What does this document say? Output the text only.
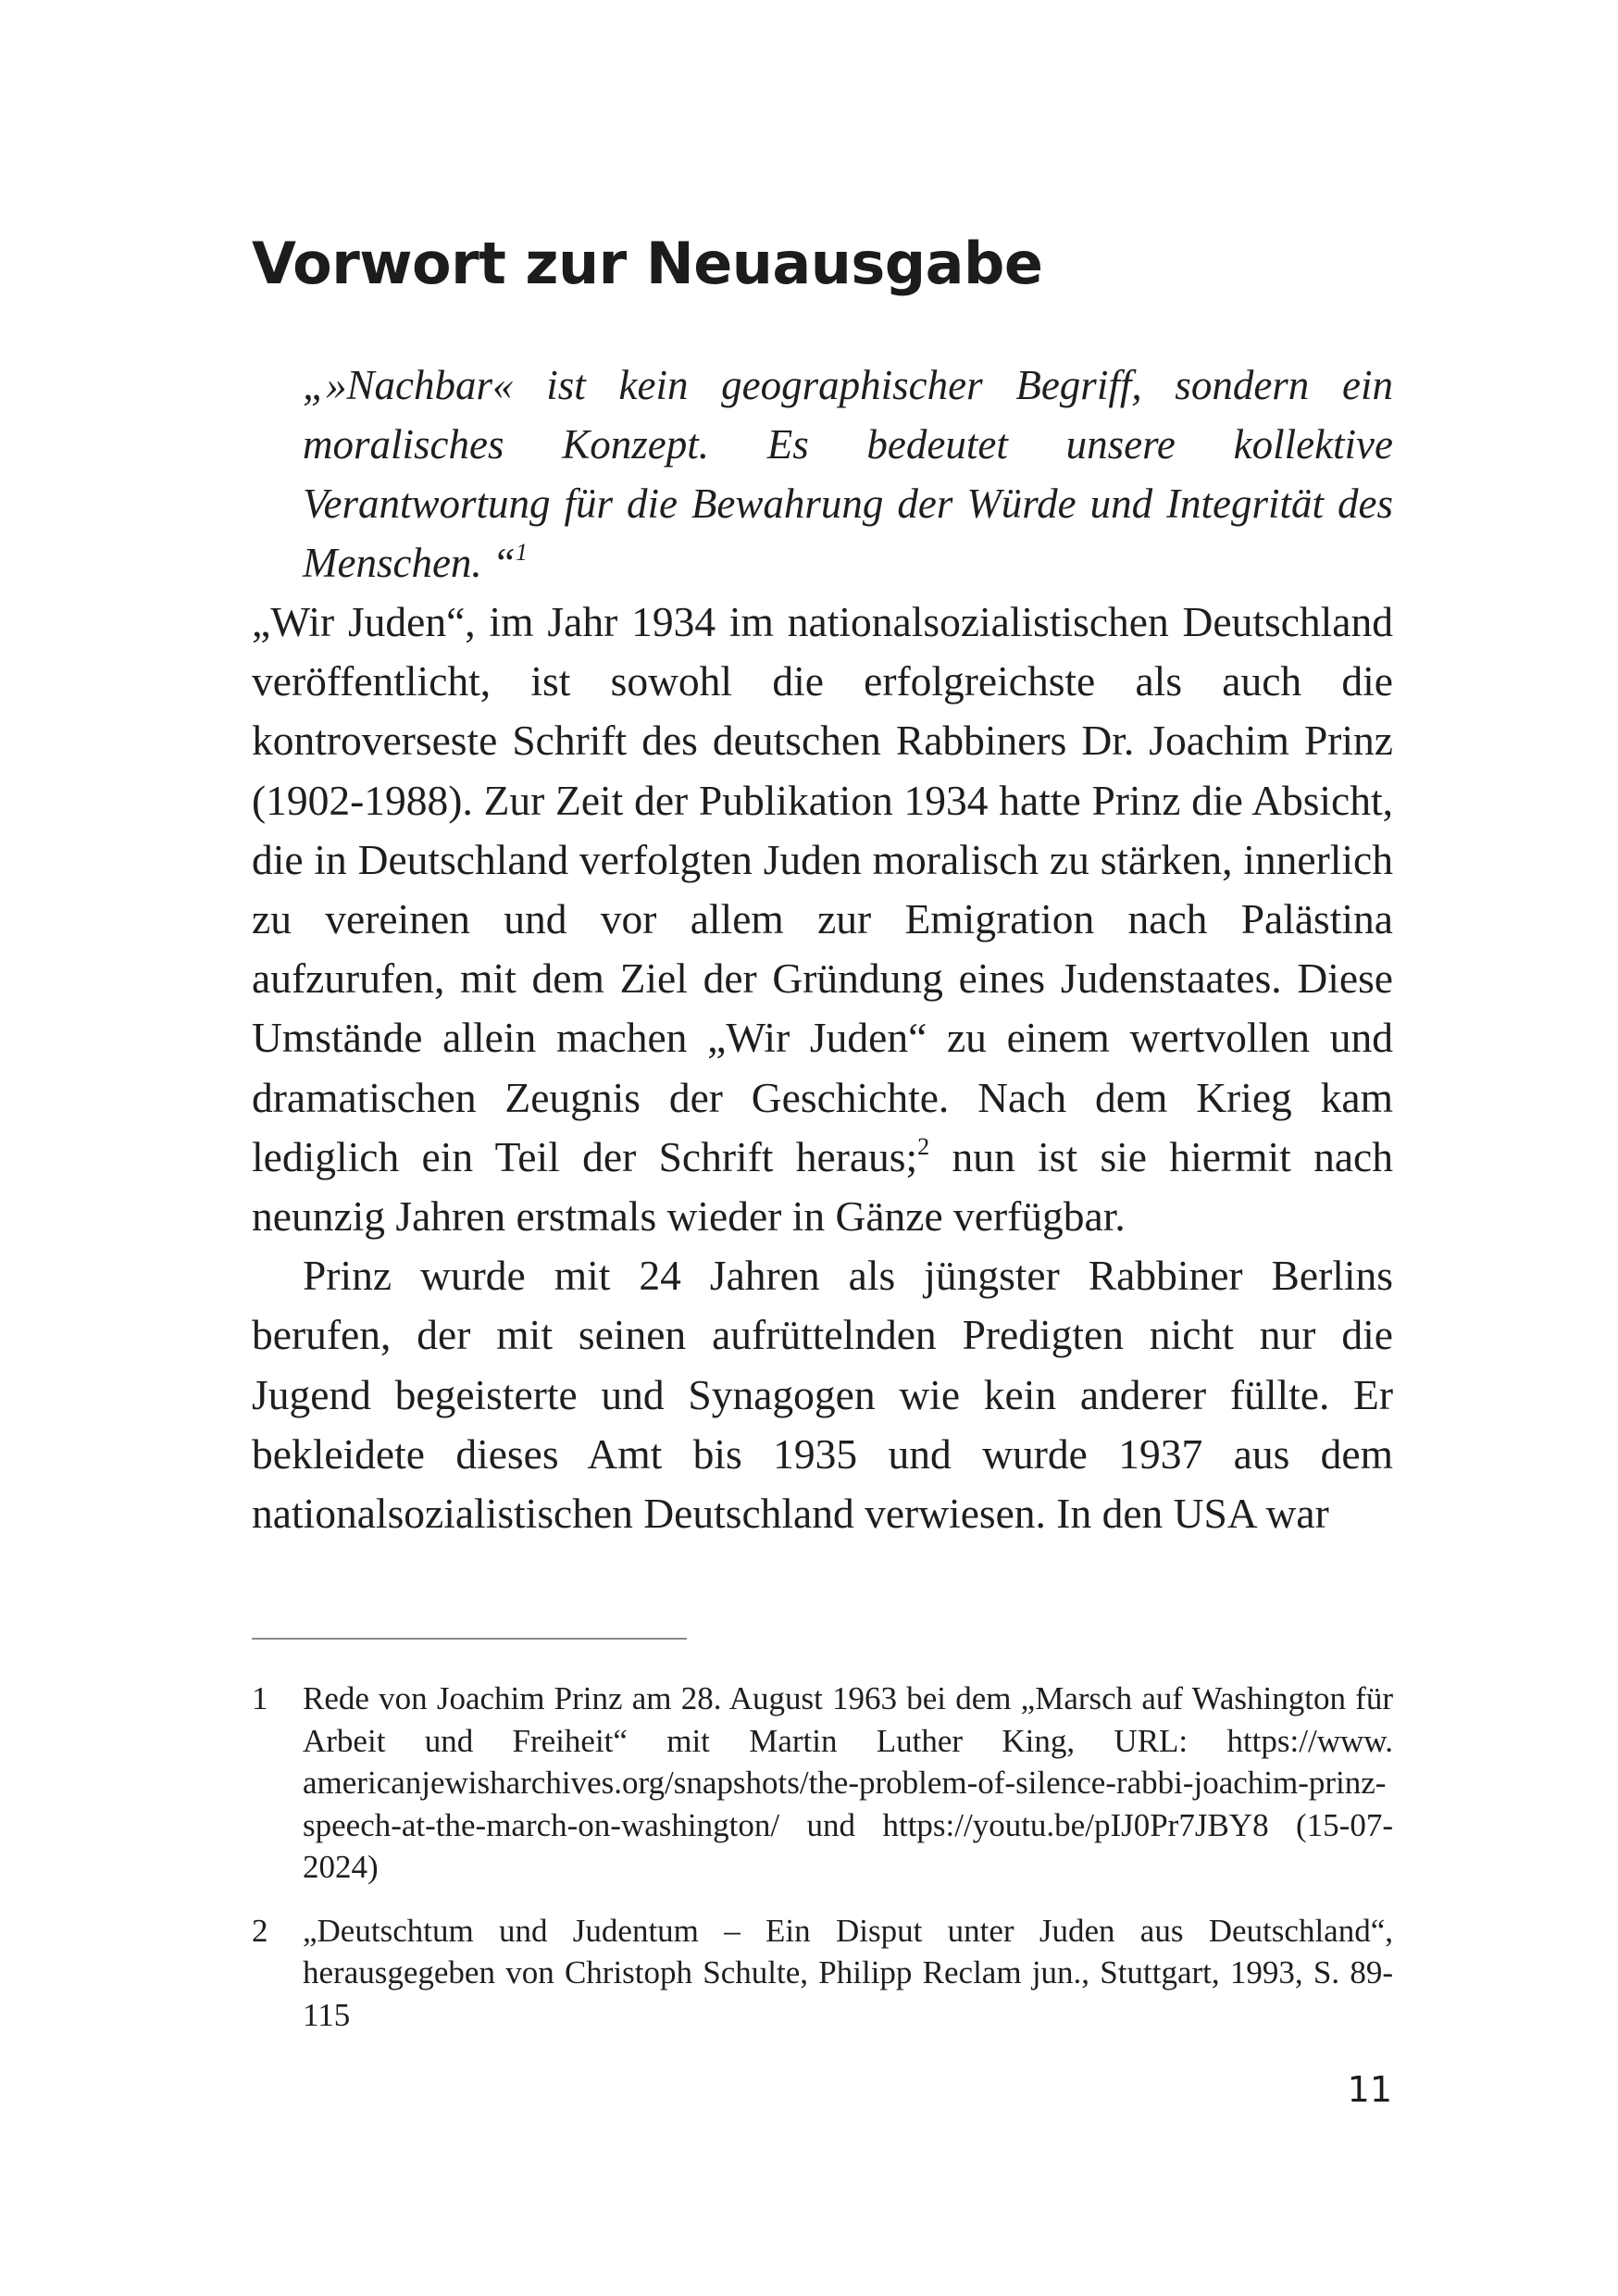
Vorwort zur Neuausgabe

„»Nachbar« ist kein geographischer Begriff, sondern ein moralisches Konzept. Es bedeutet unsere kollektive Verantwortung für die Bewahrung der Würde und Integrität des Menschen. “$^1$

„Wir Juden“, im Jahr 1934 im nationalsozialistischen Deutschland veröffentlicht, ist sowohl die erfolgreichste als auch die kontroverseste Schrift des deutschen Rabbiners Dr. Joachim Prinz (1902-1988). Zur Zeit der Publikation 1934 hatte Prinz die Absicht, die in Deutschland verfolgten Juden moralisch zu stärken, innerlich zu vereinen und vor allem zur Emigration nach Palästina aufzurufen, mit dem Ziel der Gründung eines Judenstaates. Diese Umstände allein machen „Wir Juden“ zu einem wertvollen und dramatischen Zeugnis der Geschichte. Nach dem Krieg kam lediglich ein Teil der Schrift heraus;$^2$ nun ist sie hiermit nach neunzig Jahren erstmals wieder in Gänze verfügbar.

Prinz wurde mit 24 Jahren als jüngster Rabbiner Berlins berufen, der mit seinen aufrüttelnden Predigten nicht nur die Jugend begeisterte und Synagogen wie kein anderer füllte. Er bekleidete dieses Amt bis 1935 und wurde 1937 aus dem nationalsozialistischen Deutschland verwiesen. In den USA war

1 Rede von Joachim Prinz am 28. August 1963 bei dem „Marsch auf Washington für Arbeit und Freiheit“ mit Martin Luther King, URL: https://www.​americanjewisharchives.org/snapshots/the-problem-of-silence-rabbi-joachim-​prinz-speech-at-the-march-on-washington/ und https://youtu.be/pIJ0Pr7JBY8 (15-07-2024)

2 „Deutschtum und Judentum – Ein Disput unter Juden aus Deutschland“, herausgegeben von Christoph Schulte, Philipp Reclam jun., Stuttgart, 1993, S. 89-115

11
